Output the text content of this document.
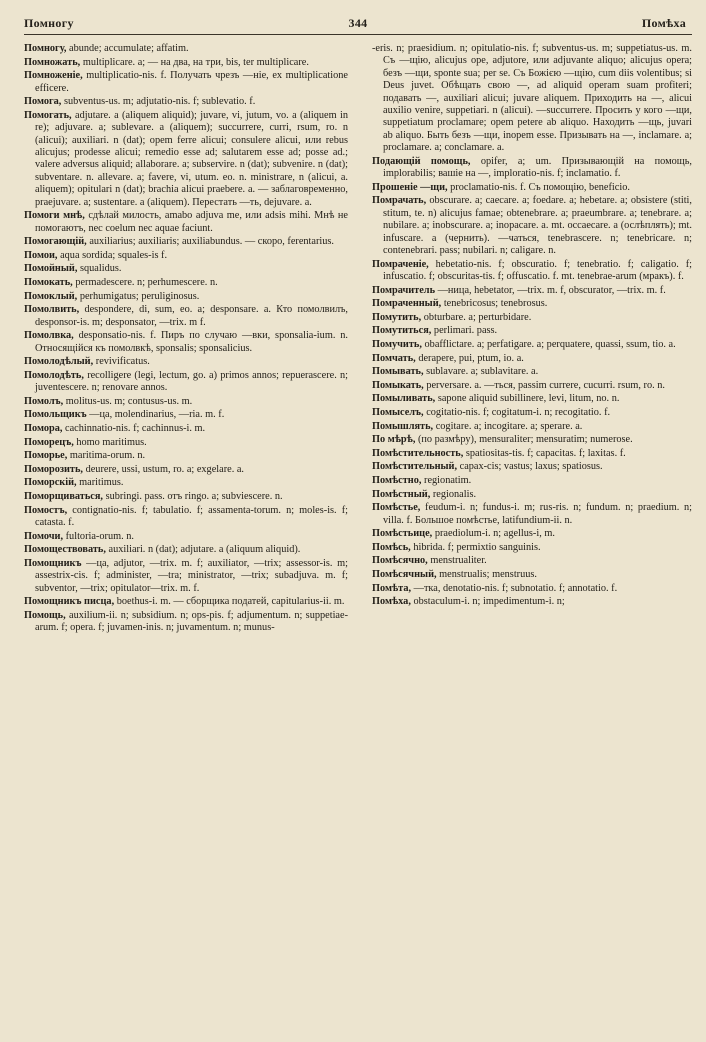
Помногу	344	Помѣха

Помногу, abunde; accumulate; affatim.

Помножать, multiplicare. a; — на два, на три, bis, ter multiplicare.

Помноженіе, multiplicatio-nis. f. Получать чрезъ —ніе, ex multiplicatione efficere.

Помога, subventus-us. m; adjutatio-nis. f; sublevatio. f.

Помогать, adjutare. a (aliquem aliquid); juvare, vi, jutum, vo. a (aliquem in re); adjuvare. a; sublevare. a (aliquem); succurrere, curri, rsum, ro. n (alicui); auxiliari. n (dat); opem ferre alicui; consulere alicui, или rebus alicujus; prodesse alicui; remedio esse ad; salutarem esse ad; posse ad.; valere adversus aliquid; allaborare. a; subservire. n (dat); subvenire. n (dat); subventare. n. allevare. a; favere, vi, utum. eo. n. ministrare, n (alicui, a. aliquem); opitulari n (dat); brachia alicui praebere. a. — заблаговременно, praejuvare. a; sustentare. a (aliquem). Перестать —ть, dejuvare. a.

Помоги мнѣ, сдѣлай милость, amabo adjuva me, или adsis mihi. Мнѣ не помогаютъ, nec coelum nec aquae faciunt.

Помогающій, auxiliarius; auxiliaris; auxiliabundus. — скоро, ferentarius.

Помои, aqua sordida; squales-is f.

Помойный, squalidus.

Помокать, permadescere. n; perhumescere. n.

Помоклый, perhumigatus; peruliginosus.

Помолвить, despondere, di, sum, eo. a; desponsare. a. Кто помолвилъ, desponsor-is. m; desponsator, —trix. m f.

Помолвка, desponsatio-nis. f. Пиръ по случаю —вки, sponsalia-ium. n. Относящійся къ помолвкѣ, sponsalis; sponsalicius.

Помолодѣлый, revivificatus.

Помолодѣть, recolligere (legi, lectum, go. a) primos annos; repuerascere. n; juventescere. n; renovare annos.

Помолъ, molitus-us. m; contusus-us. m.

Помольщикъ —ца, molendinarius, —ria. m. f.

Помора, cachinnatio-nis. f; cachinnus-i. m.

Поморецъ, homo maritimus.

Поморье, maritima-orum. n.

Поморозить, deurere, ussi, ustum, ro. a; exgelare. a.

Поморскій, maritimus.

Поморщиваться, subringi. pass. отъ ringo. a; subviescere. n.

Помостъ, contignatio-nis. f; tabulatio. f; assamenta-torum. n; moles-is. f; catasta. f.

Помочи, fultoria-orum. n.

Помоществовать, auxiliari. n (dat); adjutare. a (aliquum aliquid).

Помощникъ —ца, adjutor, —trix. m. f; auxiliator, —trix; assessor-is. m; assestrix-cis. f; administer, —tra; ministrator, —trix; subadjuva. m. f; subventor, —trix; opitulator—trix. m. f.

Помощникъ писца, boethus-i. m. — сборщика податей, capitularius-ii. m.

Помощь, auxilium-ii. n; subsidium. n; ops-pis. f; adjumentum. n; suppetiae-arum. f; opera. f; juvamen-inis. n; juvamentum. n; munus-

-eris. n; praesidium. n; opitulatio-nis. f; subventus-us. m; suppetiatus-us. m. Съ —щію, alicujus ope, adjutore, или adjuvante aliquo; alicujus opera; безъ —щи, sponte sua; per se. Съ Божією —щію, cum diis volentibus; si Deus juvet. Обѣщать свою —, ad aliquid operam suam profiteri; подавать —, auxiliari alicui; juvare aliquem. Приходить на —, alicui auxilio venire, suppetiari. n (alicui). —succurrere. Просить у кого —щи, suppetiatum proclamare; opem petere ab aliquo. Находить —щь, juvari ab aliquo. Быть безъ —щи, inopem esse. Призывать на —, inclamare. a; proclamare. a; conclamare. a.

Подающій помощь, opifer, a; um. Призывающій на помощь, implorabilis; вашіе на —, imploratio-nis. f; inclamatio. f.

Прошеніе —щи, proclamatio-nis. f. Съ помощію, beneficio.

Помрачать, obscurare. a; caecare. a; foedare. a; hebetare. a; obsistere (stiti, stitum, te. n) alicujus famae; obtenebrare. a; praeumbrare. a; tenebrare. a; nubilare. a; inobscurare. a; inopacare. a. mt. occaecare. a (ослѣплять); mt. infuscare. a (чернить). —чаться, tenebrascere. n; tenebricare. n; contenebrari. pass; nubilari. n; caligare. n.

Помраченіе, hebetatio-nis. f; obscuratio. f; tenebratio. f; caligatio. f; infuscatio. f; obscuritas-tis. f; offuscatio. f. mt. tenebrae-arum (мракъ). f.

Помрачитель —ница, hebetator, —trix. m. f, obscurator, —trix. m. f.

Помраченный, tenebricosus; tenebrosus.

Помутить, obturbare. a; perturbidare.

Помутиться, perlimari. pass.

Помучить, obafflictare. a; perfatigare. a; perquatere, quassi, ssum, tio. a.

Помчать, derapere, pui, ptum, io. a.

Помывать, sublavare. a; sublavitare. a.

Помыкать, perversare. a. —ться, passim currere, cucurri. rsum, ro. n.

Помыливать, sapone aliquid subillinere, levi, litum, no. n.

Помыселъ, cogitatio-nis. f; cogitatum-i. n; recogitatio. f.

Помышлять, cogitare. a; incogitare. a; sperare. a.

По мѣрѣ, (по размѣру), mensuraliter; mensuratim; numerose.

Помѣстительность, spatiositas-tis. f; capacitas. f; laxitas. f.

Помѣстительный, capax-cis; vastus; laxus; spatiosus.

Помѣстно, regionatim.

Помѣстный, regionalis.

Помѣстье, feudum-i. n; fundus-i. m; rus-ris. n; fundum. n; praedium. n; villa. f. Большое помѣстье, latifundium-ii. n.

Помѣстьице, praediolum-i. n; agellus-i, m.

Помѣсь, hibrida. f; permixtio sanguinis.

Помѣсячно, menstrualiter.

Помѣсячный, menstrualis; menstruus.

Помѣта, —тка, denotatio-nis. f; subnotatio. f; annotatio. f.

Помѣха, obstaculum-i. n; impedimentum-i. n;
